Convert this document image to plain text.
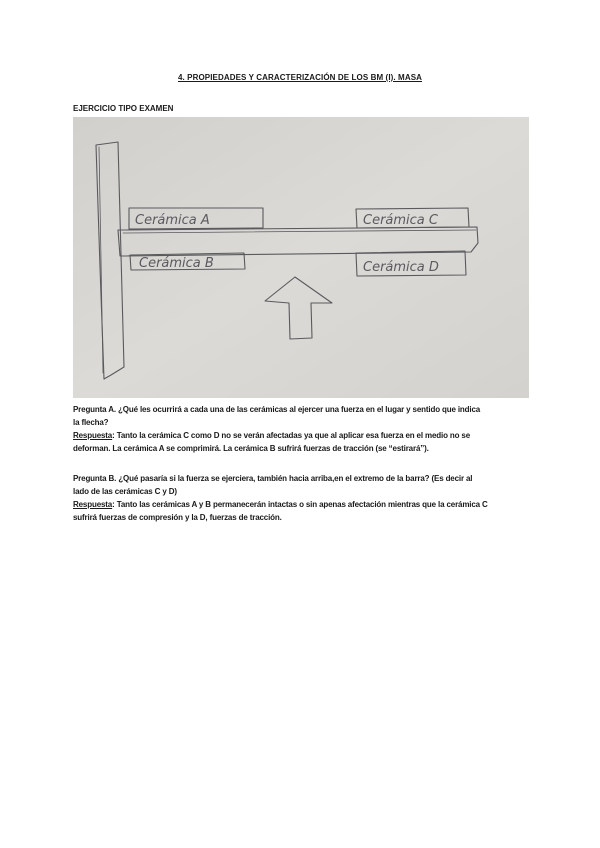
4. PROPIEDADES Y CARACTERIZACIÓN DE LOS BM (I). MASA
EJERCICIO TIPO EXAMEN
Cerámica A
Cerámica B
Cerámica C
Cerámica D
Pregunta A. ¿Qué les ocurrirá a cada una de las cerámicas al ejercer una fuerza en el lugar y sentido que indica
la flecha?
Respuesta: Tanto la cerámica C como D no se verán afectadas ya que al aplicar esa fuerza en el medio no se
deforman. La cerámica A se comprimirá. La cerámica B sufrirá fuerzas de tracción (se “estirará”).
Pregunta B. ¿Qué pasaría si la fuerza se ejerciera, también hacia arriba,en el extremo de la barra? (Es decir al
lado de las cerámicas C y D)
Respuesta: Tanto las cerámicas A y B permanecerán intactas o sin apenas afectación mientras que la cerámica C
sufrirá fuerzas de compresión y la D, fuerzas de tracción.
